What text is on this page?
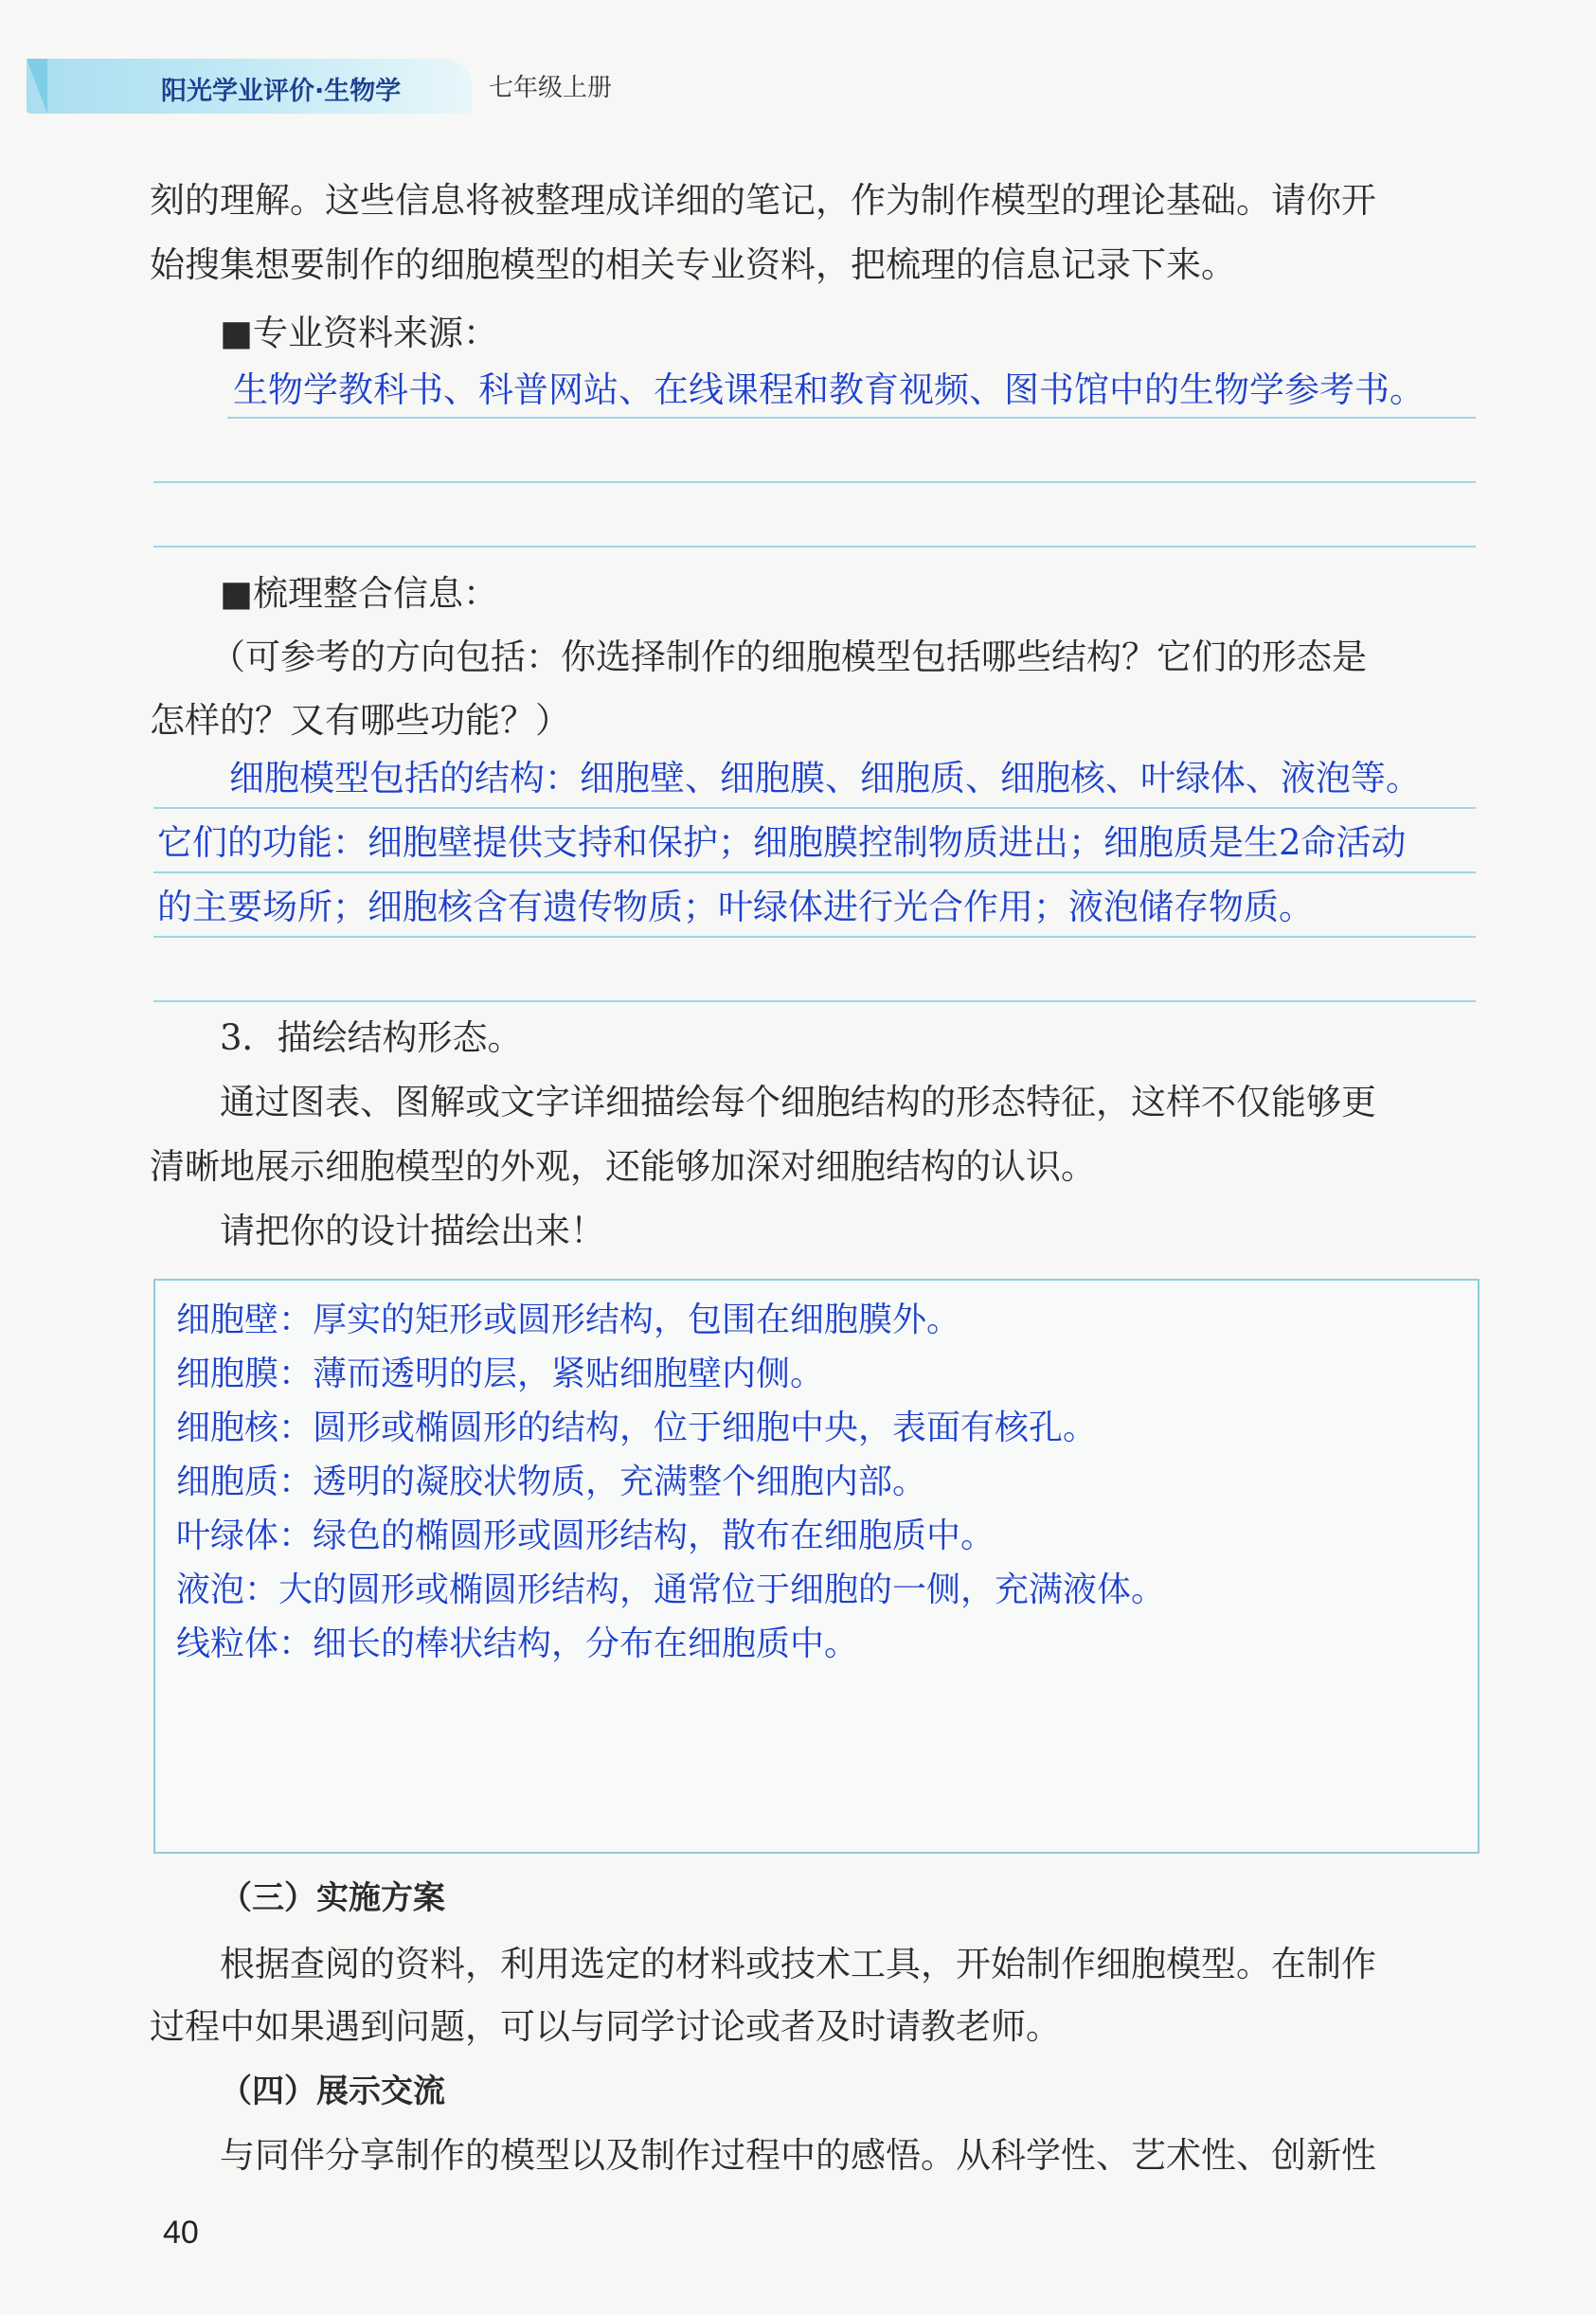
阳光学业评价·生物学	七年级上册
刻的理解。这些信息将被整理成详细的笔记，作为制作模型的理论基础。请你开
始搜集想要制作的细胞模型的相关专业资料，把梳理的信息记录下来。
■专业资料来源：
生物学教科书、科普网站、在线课程和教育视频、图书馆中的生物学参考书。
■梳理整合信息：
（可参考的方向包括：你选择制作的细胞模型包括哪些结构？它们的形态是
怎样的？又有哪些功能？）
细胞模型包括的结构：细胞壁、细胞膜、细胞质、细胞核、叶绿体、液泡等。
它们的功能：细胞壁提供支持和保护；细胞膜控制物质进出；细胞质是生2命活动
的主要场所；细胞核含有遗传物质；叶绿体进行光合作用；液泡储存物质。
3．描绘结构形态。
通过图表、图解或文字详细描绘每个细胞结构的形态特征，这样不仅能够更
清晰地展示细胞模型的外观，还能够加深对细胞结构的认识。
请把你的设计描绘出来！
细胞壁：厚实的矩形或圆形结构，包围在细胞膜外。
细胞膜：薄而透明的层，紧贴细胞壁内侧。
细胞核：圆形或椭圆形的结构，位于细胞中央，表面有核孔。
细胞质：透明的凝胶状物质，充满整个细胞内部。
叶绿体：绿色的椭圆形或圆形结构，散布在细胞质中。
液泡：大的圆形或椭圆形结构，通常位于细胞的一侧，充满液体。
线粒体：细长的棒状结构，分布在细胞质中。
（三）实施方案
根据查阅的资料，利用选定的材料或技术工具，开始制作细胞模型。在制作
过程中如果遇到问题，可以与同学讨论或者及时请教老师。
（四）展示交流
与同伴分享制作的模型以及制作过程中的感悟。从科学性、艺术性、创新性
40
